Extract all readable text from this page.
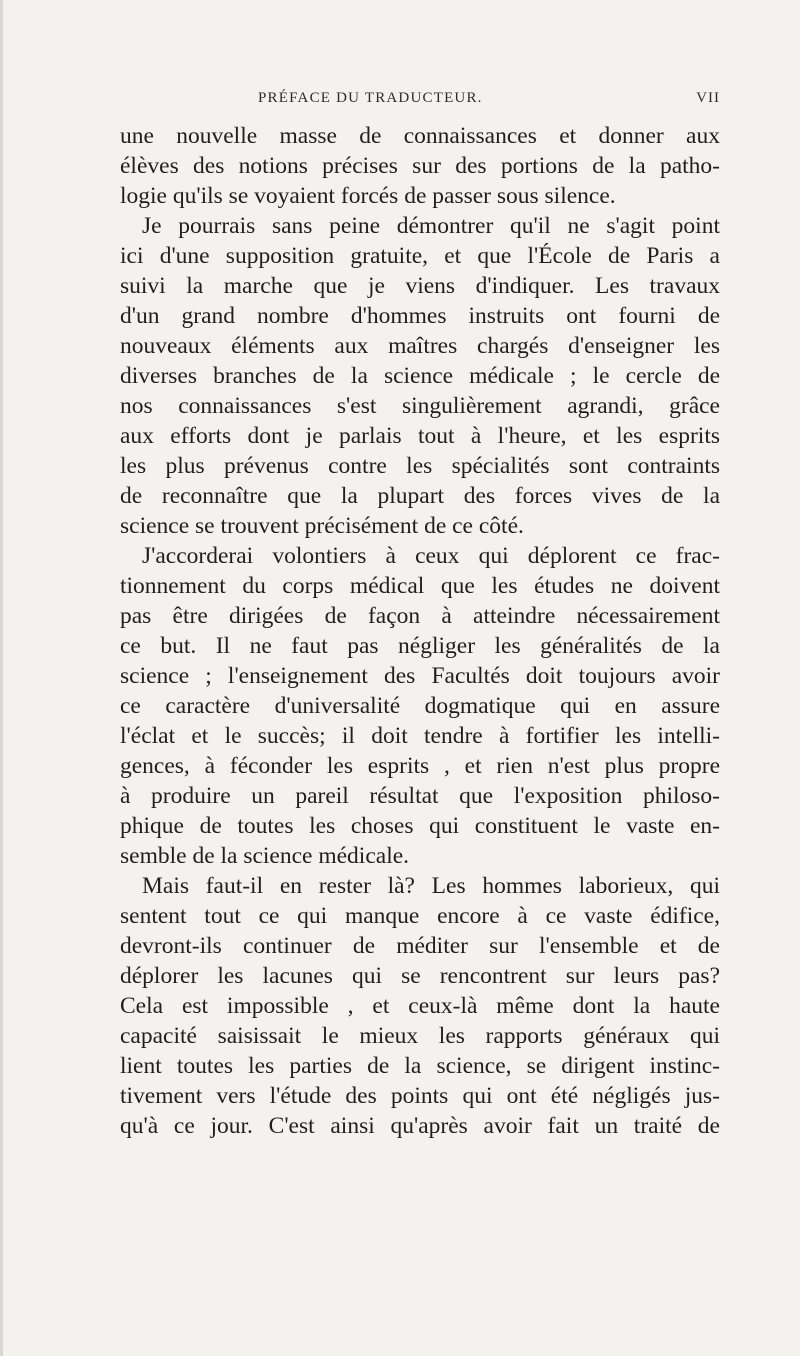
PRÉFACE DU TRADUCTEUR.	VII
une nouvelle masse de connaissances et donner aux
élèves des notions précises sur des portions de la patho-
logie qu'ils se voyaient forcés de passer sous silence.
Je pourrais sans peine démontrer qu'il ne s'agit point
ici d'une supposition gratuite, et que l'École de Paris a
suivi la marche que je viens d'indiquer. Les travaux
d'un grand nombre d'hommes instruits ont fourni de
nouveaux éléments aux maîtres chargés d'enseigner les
diverses branches de la science médicale ; le cercle de
nos connaissances s'est singulièrement agrandi, grâce
aux efforts dont je parlais tout à l'heure, et les esprits
les plus prévenus contre les spécialités sont contraints
de reconnaître que la plupart des forces vives de la
science se trouvent précisément de ce côté.
J'accorderai volontiers à ceux qui déplorent ce frac-
tionnement du corps médical que les études ne doivent
pas être dirigées de façon à atteindre nécessairement
ce but. Il ne faut pas négliger les généralités de la
science ; l'enseignement des Facultés doit toujours avoir
ce caractère d'universalité dogmatique qui en assure
l'éclat et le succès; il doit tendre à fortifier les intelli-
gences, à féconder les esprits , et rien n'est plus propre
à produire un pareil résultat que l'exposition philoso-
phique de toutes les choses qui constituent le vaste en-
semble de la science médicale.
Mais faut-il en rester là? Les hommes laborieux, qui
sentent tout ce qui manque encore à ce vaste édifice,
devront-ils continuer de méditer sur l'ensemble et de
déplorer les lacunes qui se rencontrent sur leurs pas?
Cela est impossible , et ceux-là même dont la haute
capacité saisissait le mieux les rapports généraux qui
lient toutes les parties de la science, se dirigent instinc-
tivement vers l'étude des points qui ont été négligés jus-
qu'à ce jour. C'est ainsi qu'après avoir fait un traité de
